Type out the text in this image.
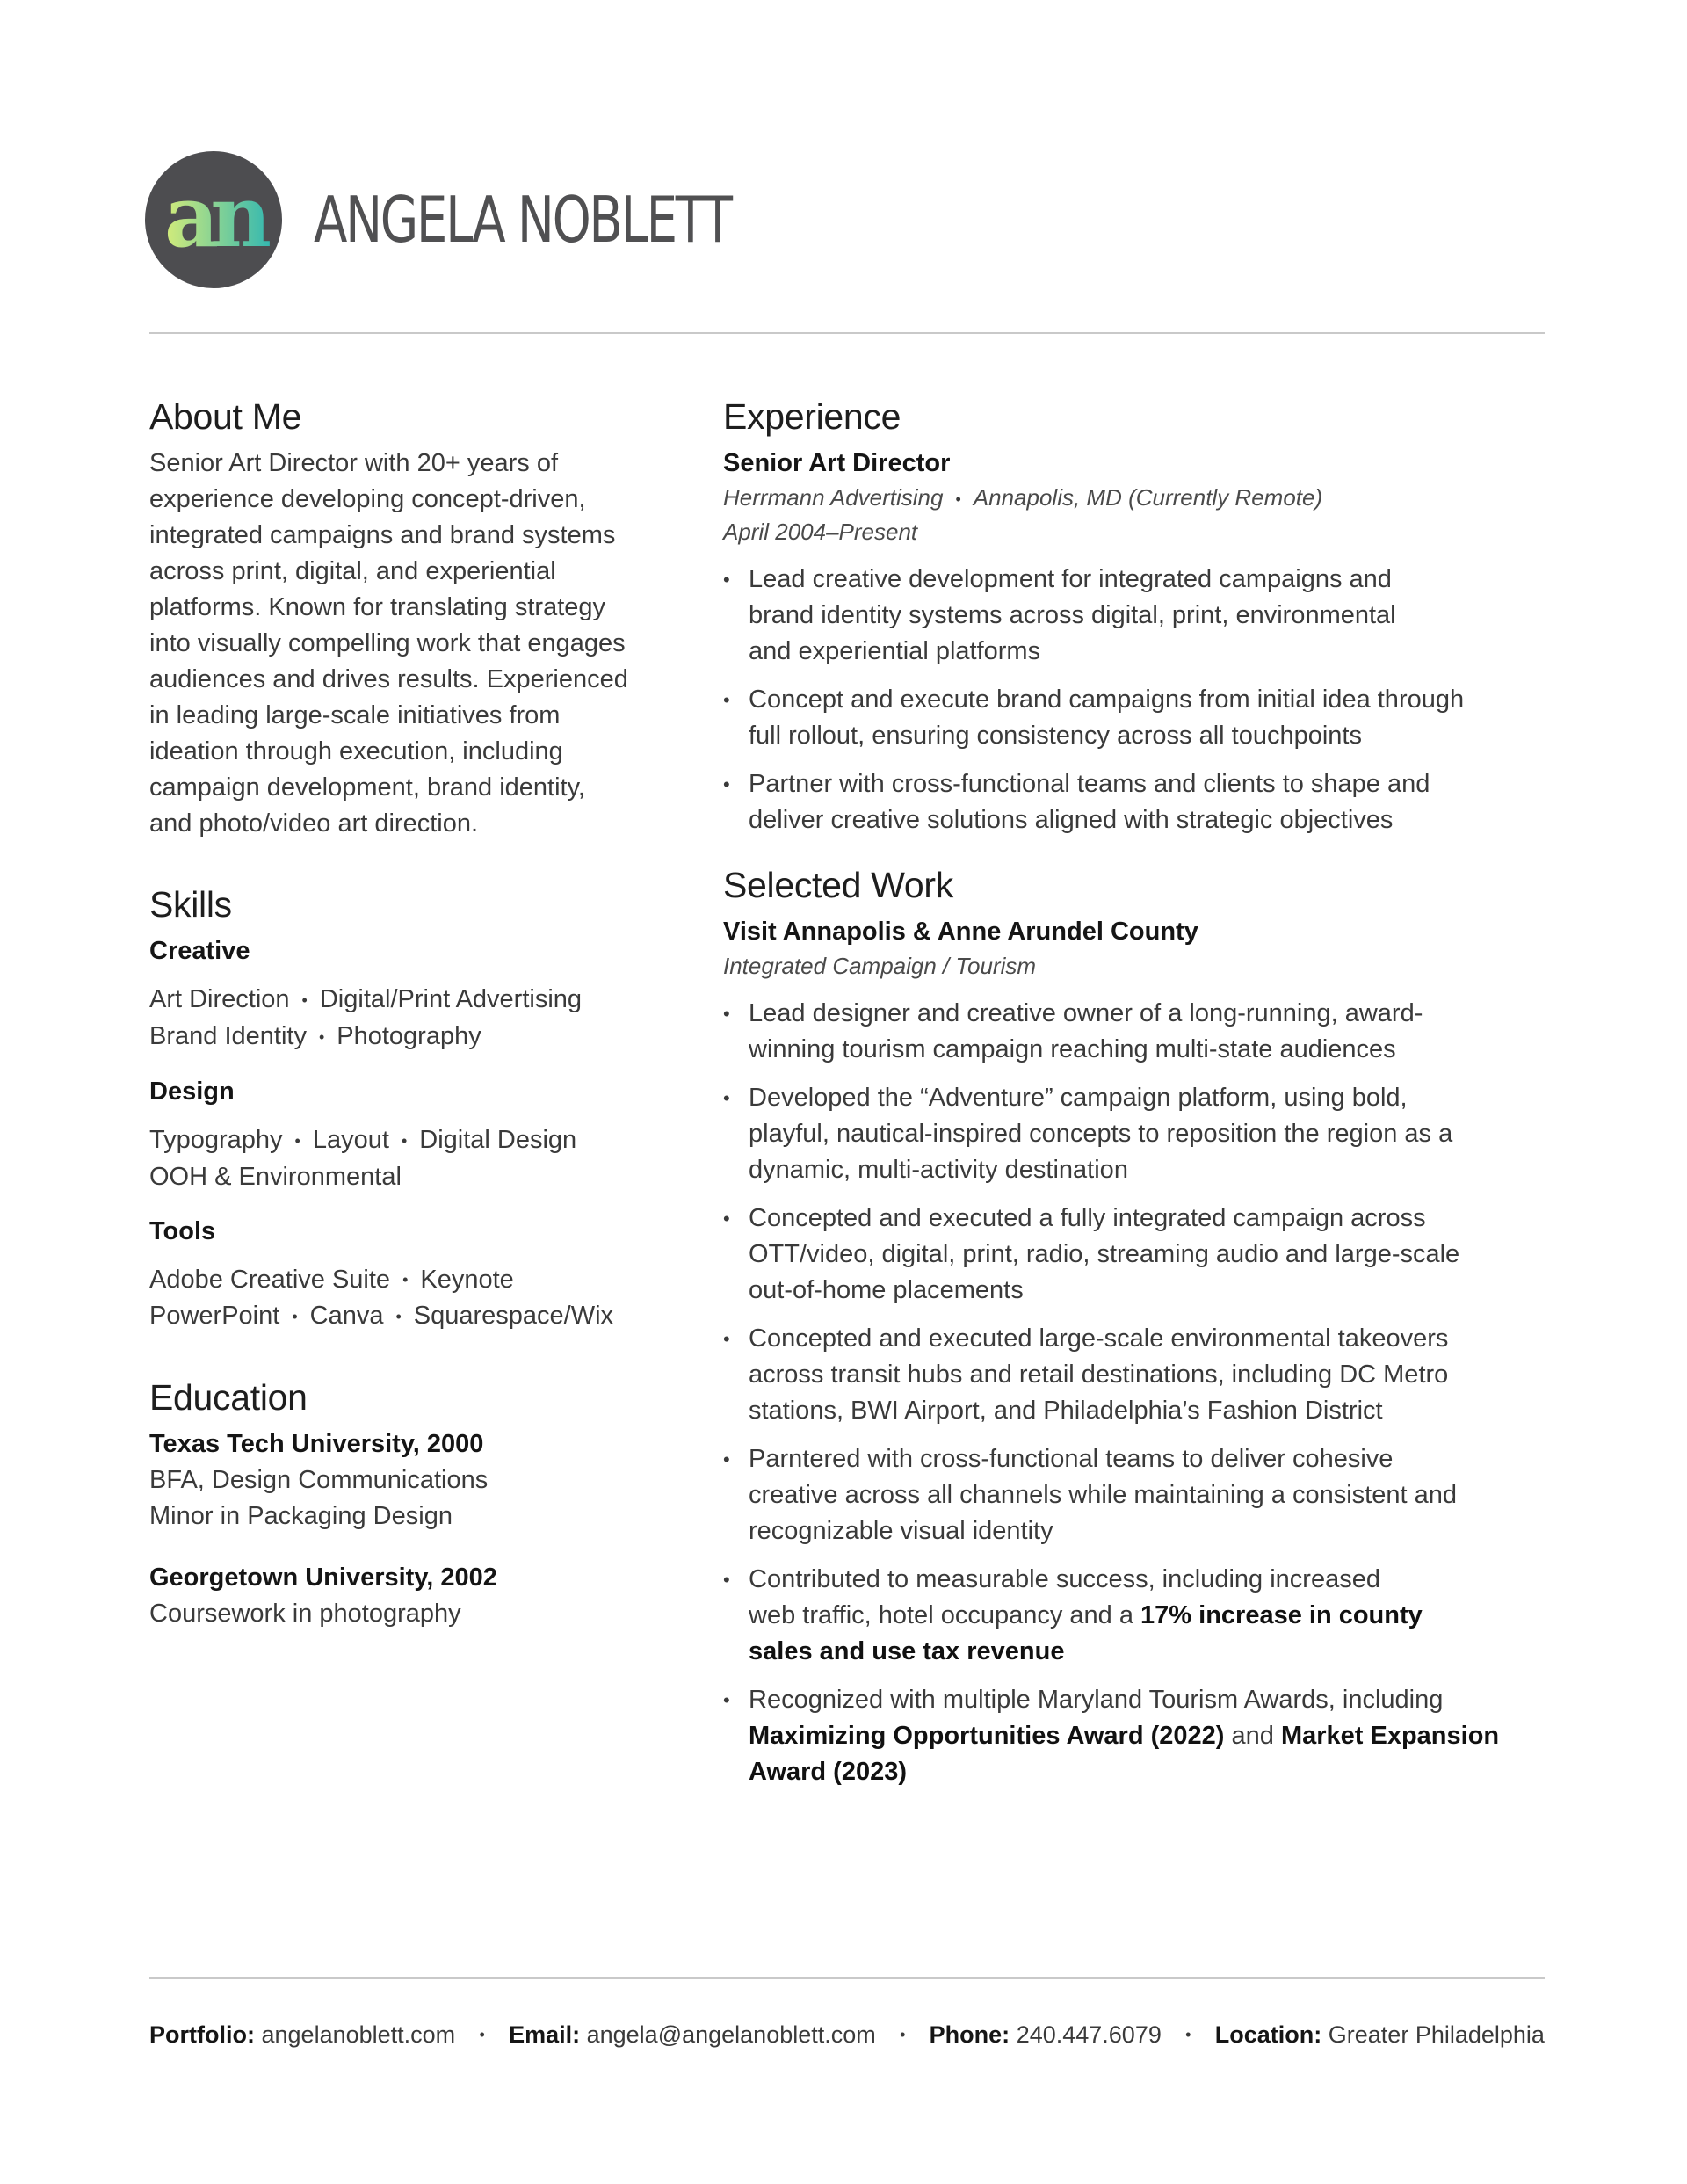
an ANGELA NOBLETT
About Me

Senior Art Director with 20+ years of

experience developing concept-driven,

integrated campaigns and brand systems

across print, digital, and experiential

platforms. Known for translating strategy

into visually compelling work that engages

audiences and drives results. Experienced

in leading large-scale initiatives from

ideation through execution, including

campaign development, brand identity,

and photo/video art direction.

Skills

Creative

Art Direction • Digital/Print Advertising

Brand Identity • Photography

Design

Typography • Layout • Digital Design

OOH & Environmental

Tools

Adobe Creative Suite • Keynote

PowerPoint • Canva • Squarespace/Wix

Education

Texas Tech University, 2000

BFA, Design Communications

Minor in Packaging Design

Georgetown University, 2002

Coursework in photography

Experience

Senior Art Director

Herrmann Advertising • Annapolis, MD (Currently Remote)

April 2004–Present

• Lead creative development for integrated campaigns and
brand identity systems across digital, print, environmental
and experiential platforms
• Concept and execute brand campaigns from initial idea through
full rollout, ensuring consistency across all touchpoints
• Partner with cross-functional teams and clients to shape and
deliver creative solutions aligned with strategic objectives
Selected Work

Visit Annapolis & Anne Arundel County

Integrated Campaign / Tourism

• Lead designer and creative owner of a long-running, award-
winning tourism campaign reaching multi-state audiences
• Developed the “Adventure” campaign platform, using bold,
playful, nautical-inspired concepts to reposition the region as a
dynamic, multi-activity destination
• Concepted and executed a fully integrated campaign across
OTT/video, digital, print, radio, streaming audio and large-scale
out-of-home placements
• Concepted and executed large-scale environmental takeovers
across transit hubs and retail destinations, including DC Metro
stations, BWI Airport, and Philadelphia’s Fashion District
• Parntered with cross-functional teams to deliver cohesive
creative across all channels while maintaining a consistent and
recognizable visual identity
• Contributed to measurable success, including increased
web traffic, hotel occupancy and a 17% increase in county
sales and use tax revenue
• Recognized with multiple Maryland Tourism Awards, including
Maximizing Opportunities Award (2022) and Market Expansion
Award (2023)
Portfolio: angelanoblett.com • Email: angela@angelanoblett.com • Phone: 240.447.6079 • Location: Greater Philadelphia
